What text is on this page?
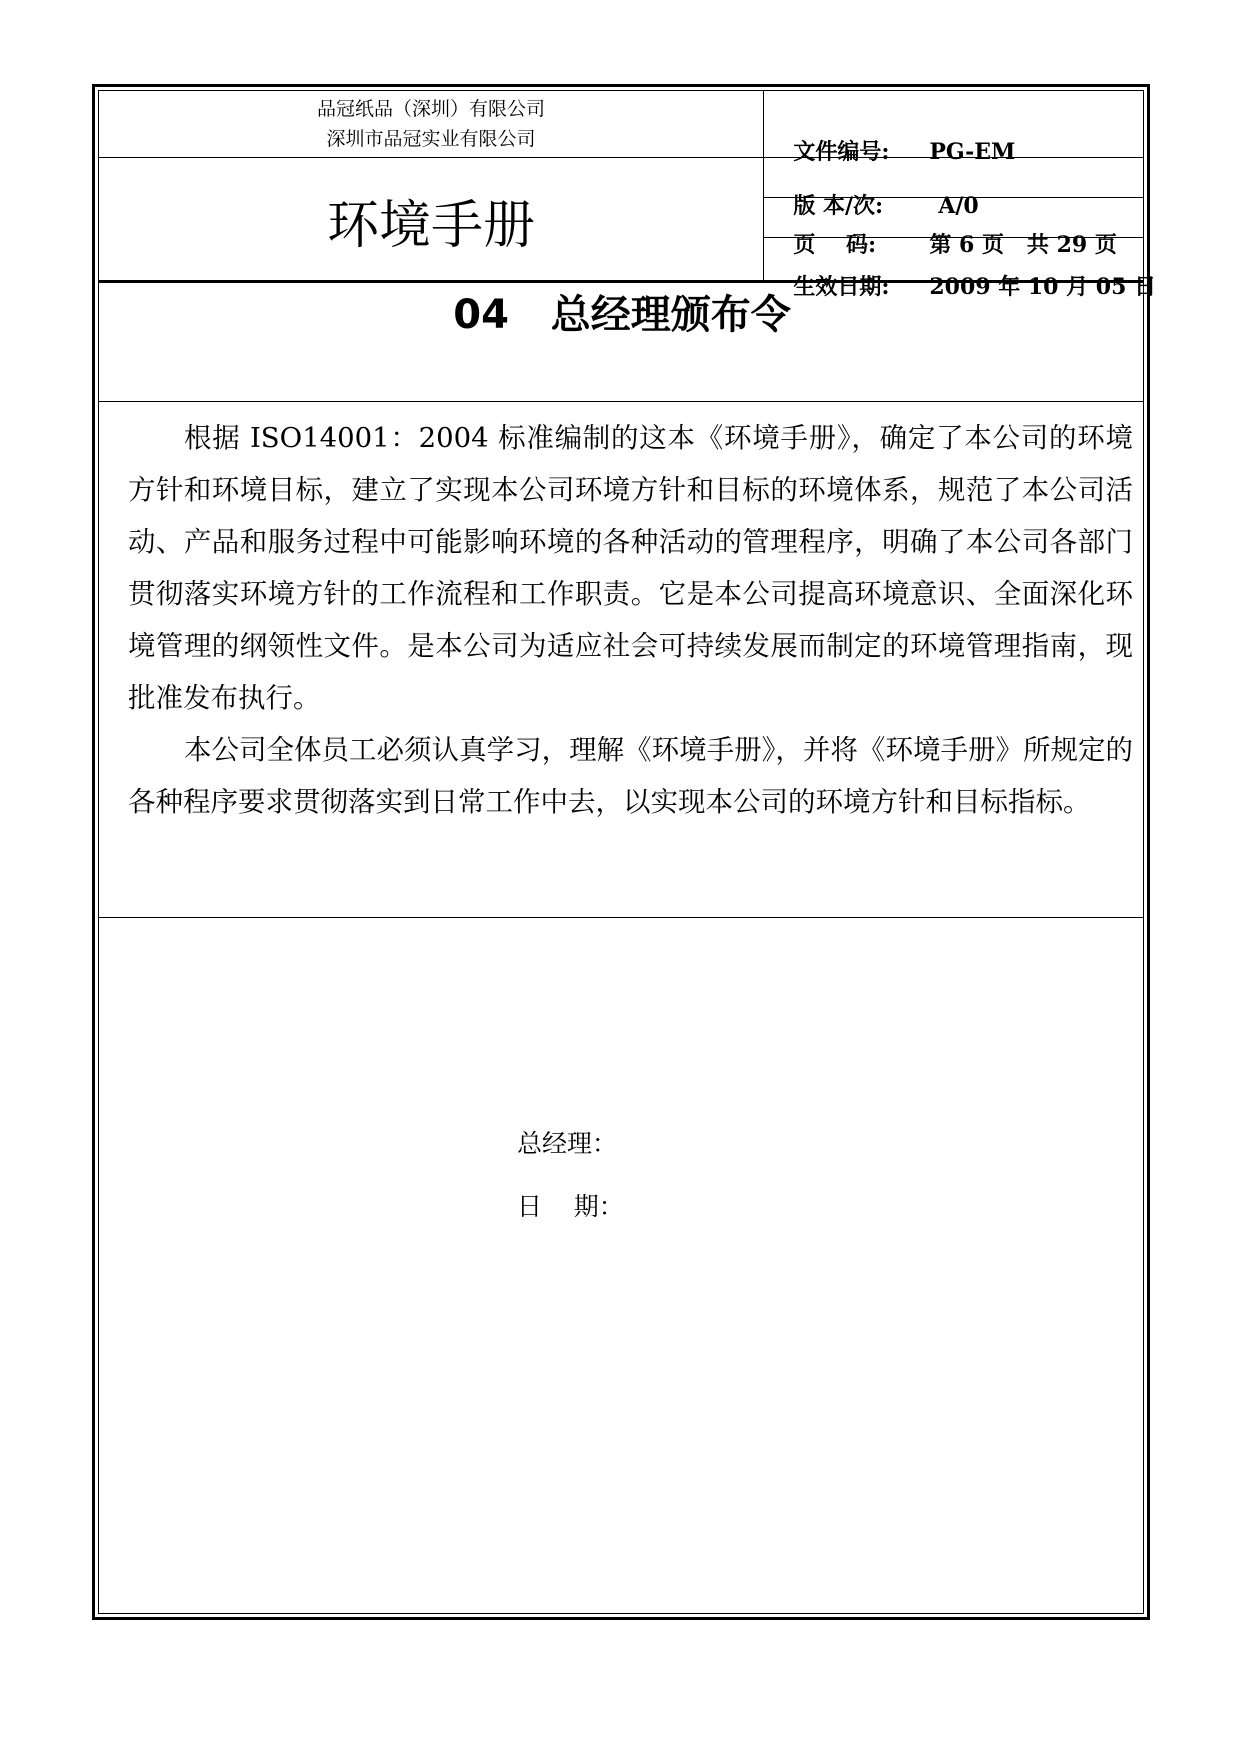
品冠纸品（深圳）有限公司
深圳市品冠实业有限公司
环境手册

文件编号: PG-EM

版 本/次:	A/0

页    码: 第 6 页   共 29 页

生效日期: 2009 年 10 月 05 日

04 总经理颁布令

根据 ISO14001：2004 标准编制的这本《环境手册》，确定了本公司的环境方针和环境目标，建立了实现本公司环境方针和目标的环境体系，规范了本公司活动、产品和服务过程中可能影响环境的各种活动的管理程序，明确了本公司各部门贯彻落实环境方针的工作流程和工作职责。它是本公司提高环境意识、全面深化环境管理的纲领性文件。是本公司为适应社会可持续发展而制定的环境管理指南，现批准发布执行。

本公司全体员工必须认真学习，理解《环境手册》，并将《环境手册》所规定的各种程序要求贯彻落实到日常工作中去，以实现本公司的环境方针和目标指标。

总经理：
日    期：
